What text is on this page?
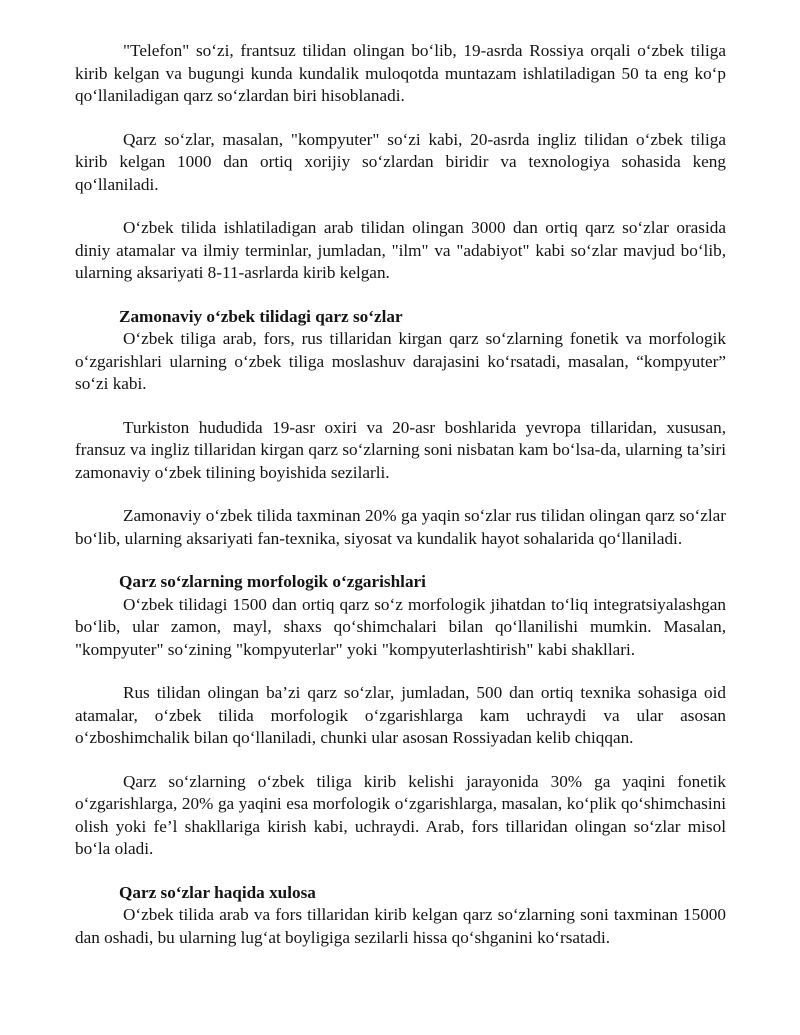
"Telefon" so‘zi, frantsuz tilidan olingan bo‘lib, 19-asrda Rossiya orqali o‘zbek tiliga kirib kelgan va bugungi kunda kundalik muloqotda muntazam ishlatiladigan 50 ta eng ko‘p qo‘llaniladigan qarz so‘zlardan biri hisoblanadi.

Qarz so‘zlar, masalan, "kompyuter" so‘zi kabi, 20-asrda ingliz tilidan o‘zbek tiliga kirib kelgan 1000 dan ortiq xorijiy so‘zlardan biridir va texnologiya sohasida keng qo‘llaniladi.

O‘zbek tilida ishlatiladigan arab tilidan olingan 3000 dan ortiq qarz so‘zlar orasida diniy atamalar va ilmiy terminlar, jumladan, "ilm" va "adabiyot" kabi so‘zlar mavjud bo‘lib, ularning aksariyati 8-11-asrlarda kirib kelgan.

Zamonaviy o‘zbek tilidagi qarz so‘zlar

O‘zbek tiliga arab, fors, rus tillaridan kirgan qarz so‘zlarning fonetik va morfologik o‘zgarishlari ularning o‘zbek tiliga moslashuv darajasini ko‘rsatadi, masalan, “kompyuter” so‘zi kabi.

Turkiston hududida 19-asr oxiri va 20-asr boshlarida yevropa tillaridan, xususan, fransuz va ingliz tillaridan kirgan qarz so‘zlarning soni nisbatan kam bo‘lsa-da, ularning ta’siri zamonaviy o‘zbek tilining boyishida sezilarli.

Zamonaviy o‘zbek tilida taxminan 20% ga yaqin so‘zlar rus tilidan olingan qarz so‘zlar bo‘lib, ularning aksariyati fan-texnika, siyosat va kundalik hayot sohalarida qo‘llaniladi.

Qarz so‘zlarning morfologik o‘zgarishlari

O‘zbek tilidagi 1500 dan ortiq qarz so‘z morfologik jihatdan to‘liq integratsiyalashgan bo‘lib, ular zamon, mayl, shaxs qo‘shimchalari bilan qo‘llanilishi mumkin. Masalan, "kompyuter" so‘zining "kompyuterlar" yoki "kompyuterlashtirish" kabi shakllari.

Rus tilidan olingan ba’zi qarz so‘zlar, jumladan, 500 dan ortiq texnika sohasiga oid atamalar, o‘zbek tilida morfologik o‘zgarishlarga kam uchraydi va ular asosan o‘zboshimchalik bilan qo‘llaniladi, chunki ular asosan Rossiyadan kelib chiqqan.

Qarz so‘zlarning o‘zbek tiliga kirib kelishi jarayonida 30% ga yaqini fonetik o‘zgarishlarga, 20% ga yaqini esa morfologik o‘zgarishlarga, masalan, ko‘plik qo‘shimchasini olish yoki fe’l shakllariga kirish kabi, uchraydi. Arab, fors tillaridan olingan so‘zlar misol bo‘la oladi.

Qarz so‘zlar haqida xulosa

O‘zbek tilida arab va fors tillaridan kirib kelgan qarz so‘zlarning soni taxminan 15000 dan oshadi, bu ularning lug‘at boyligiga sezilarli hissa qo‘shganini ko‘rsatadi.
